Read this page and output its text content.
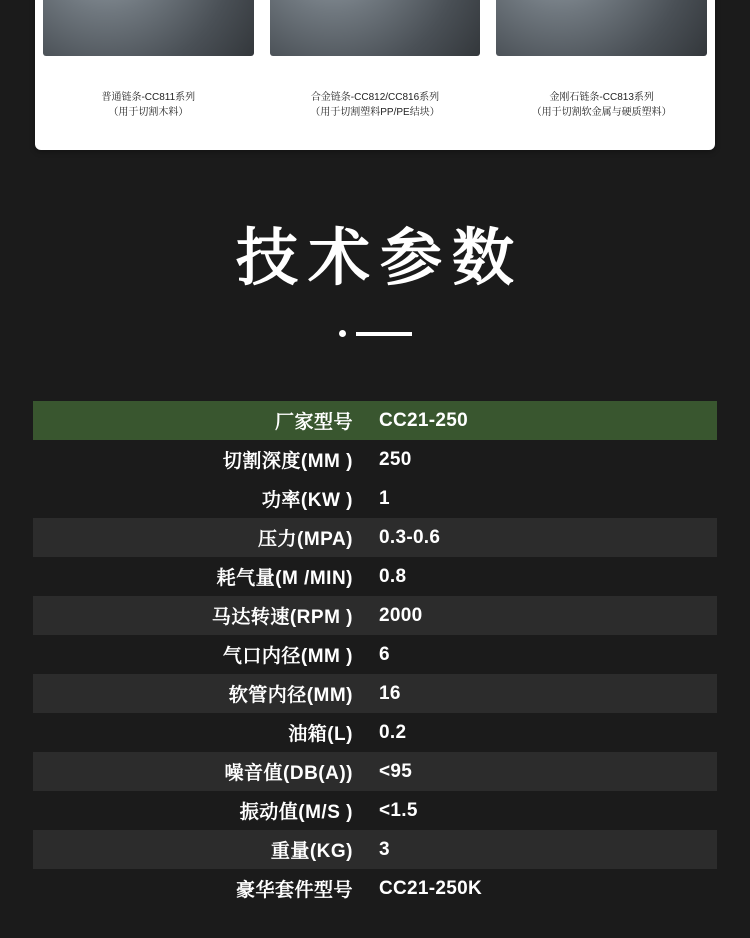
普通链条-CC811系列
（用于切割木料）
合金链条-CC812/CC816系列
（用于切割塑料PP/PE结块）
金刚石链条-CC813系列
（用于切割软金属与硬质塑料）
技术参数
厂家型号	CC21-250
切割深度(MM )	250
功率(KW )	1
压力(MPA)	0.3-0.6
耗气量(M /MIN)	0.8
马达转速(RPM )	2000
气口内径(MM )	6
软管内径(MM)	16
油箱(L)	0.2
噪音值(DB(A))	<95
振动值(M/S )	<1.5
重量(KG)	3
豪华套件型号	CC21-250K
